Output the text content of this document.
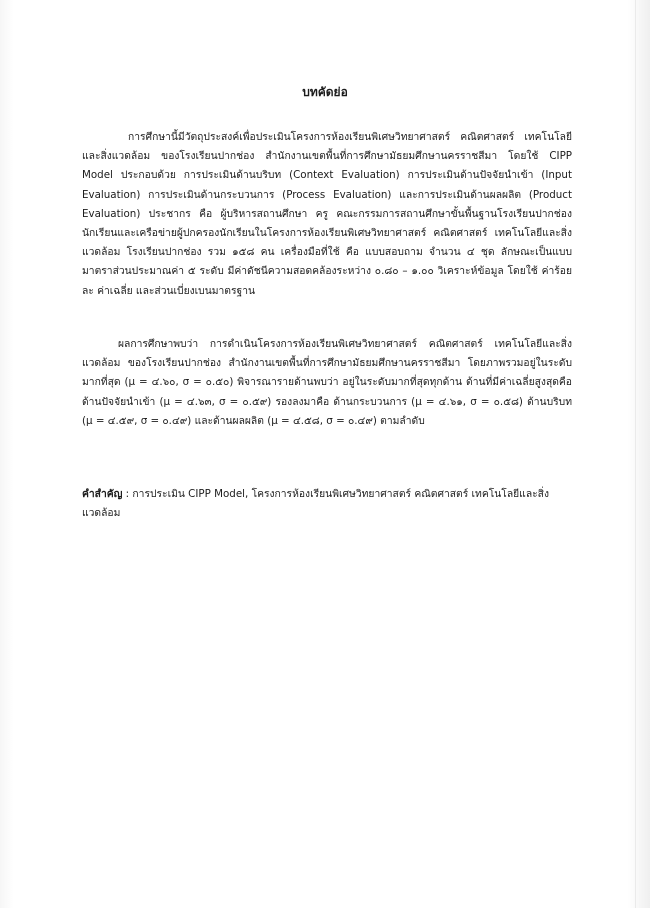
บทคัดย่อ
การศึกษานี้มีวัตถุประสงค์เพื่อประเมินโครงการห้องเรียนพิเศษวิทยาศาสตร์ คณิตศาสตร์ เทคโนโลยีและสิ่งแวดล้อม ของโรงเรียนปากช่อง สำนักงานเขตพื้นที่การศึกษามัธยมศึกษานครราชสีมา โดยใช้ CIPP Model ประกอบด้วย การประเมินด้านบริบท (Context Evaluation) การประเมินด้านปัจจัยนำเข้า (Input Evaluation) การประเมินด้านกระบวนการ (Process Evaluation) และการประเมินด้านผลผลิต (Product Evaluation) ประชากร คือ ผู้บริหารสถานศึกษา ครู คณะกรรมการสถานศึกษาขั้นพื้นฐานโรงเรียนปากช่อง นักเรียนและเครือข่ายผู้ปกครองนักเรียนในโครงการห้องเรียนพิเศษวิทยาศาสตร์ คณิตศาสตร์ เทคโนโลยีและสิ่งแวดล้อม โรงเรียนปากช่อง รวม ๑๕๘ คน เครื่องมือที่ใช้ คือ แบบสอบถาม จำนวน ๔ ชุด ลักษณะเป็นแบบมาตราส่วนประมาณค่า ๕ ระดับ มีค่าดัชนีความสอดคล้องระหว่าง ๐.๘๐ – ๑.๐๐ วิเคราะห์ข้อมูล โดยใช้ ค่าร้อยละ ค่าเฉลี่ย และส่วนเบี่ยงเบนมาตรฐาน
ผลการศึกษาพบว่า การดำเนินโครงการห้องเรียนพิเศษวิทยาศาสตร์ คณิตศาสตร์ เทคโนโลยีและสิ่งแวดล้อม ของโรงเรียนปากช่อง สำนักงานเขตพื้นที่การศึกษามัธยมศึกษานครราชสีมา โดยภาพรวมอยู่ในระดับมากที่สุด (μ = ๔.๖๐, σ = ๐.๕๐) พิจารณารายด้านพบว่า อยู่ในระดับมากที่สุดทุกด้าน ด้านที่มีค่าเฉลี่ยสูงสุดคือ ด้านปัจจัยนำเข้า (μ = ๔.๖๓, σ = ๐.๕๙) รองลงมาคือ ด้านกระบวนการ (μ = ๔.๖๑, σ = ๐.๕๘) ด้านบริบท (μ = ๔.๕๙, σ = ๐.๔๙) และด้านผลผลิต (μ = ๔.๕๘, σ = ๐.๔๙) ตามลำดับ
คำสำคัญ : การประเมิน CIPP Model, โครงการห้องเรียนพิเศษวิทยาศาสตร์ คณิตศาสตร์ เทคโนโลยีและสิ่งแวดล้อม
